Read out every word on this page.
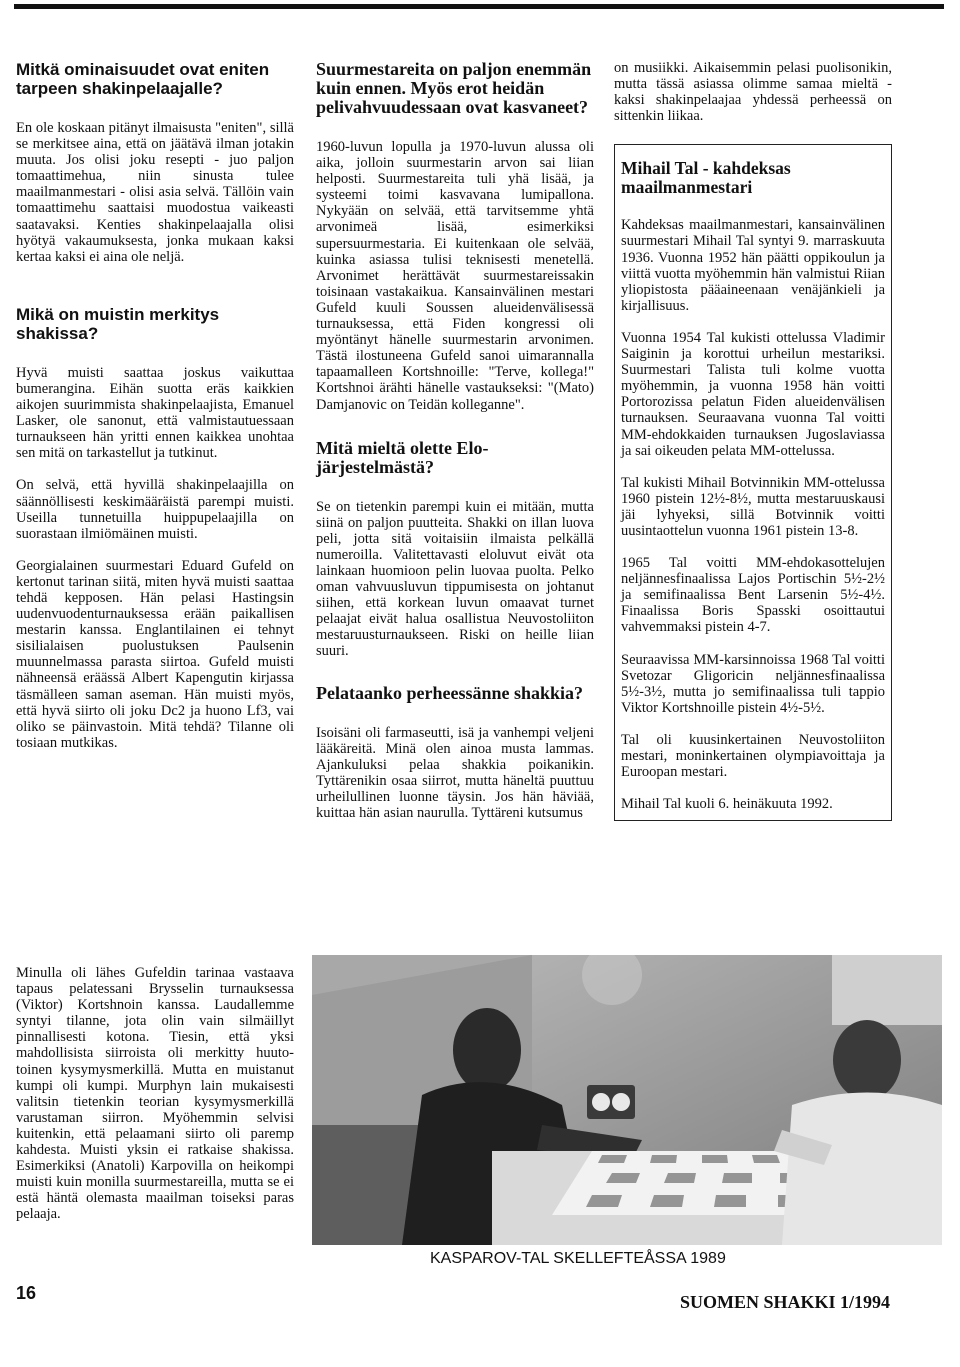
Mitkä ominaisuudet ovat eniten tarpeen shakinpelaajalle?

En ole koskaan pitänyt ilmaisusta "eniten", sillä se merkitsee aina, että on jäätävä ilman jotakin muuta. Jos olisi joku resepti - juo paljon tomaattimehua, niin sinusta tulee maailmanmestari - olisi asia selvä. Tällöin vain tomaattimehu saattaisi muodostua vaikeasti saatavaksi. Kenties shakinpelaajalla olisi hyötyä vakaumuksesta, jonka mukaan kaksi kertaa kaksi ei aina ole neljä.

Mikä on muistin merkitys shakissa?

Hyvä muisti saattaa joskus vaikuttaa bumerangina. Eihän suotta eräs kaikkien aikojen suurimmista shakinpelaajista, Emanuel Lasker, ole sanonut, että valmistautuessaan turnaukseen hän yritti ennen kaikkea unohtaa sen mitä on tarkastellut ja tutkinut.

On selvä, että hyvillä shakinpelaajilla on säännöllisesti keskimääräistä parempi muisti. Useilla tunnetuilla huippupelaajilla on suorastaan ilmiömäinen muisti.

Georgialainen suurmestari Eduard Gufeld on kertonut tarinan siitä, miten hyvä muisti saattaa tehdä kepposen. Hän pelasi Hastingsin uudenvuodenturnauksessa erään paikallisen mestarin kanssa. Englantilainen ei tehnyt sisilialaisen puolustuksen Paulsenin muunnelmassa parasta siirtoa. Gufeld muisti nähneensä eräässä Albert Kapengutin kirjassa täsmälleen saman aseman. Hän muisti myös, että hyvä siirto oli joku Dc2 ja huono Lf3, vai oliko se päinvastoin. Mitä tehdä? Tilanne oli tosiaan mutkikas.

Suurmestareita on paljon enemmän kuin ennen. Myös erot heidän pelivahvuudessaan ovat kasvaneet?

1960-luvun lopulla ja 1970-luvun alussa oli aika, jolloin suurmestarin arvon sai liian helposti. Suurmestareita tuli yhä lisää, ja systeemi toimi kasvavana lumipallona. Nykyään on selvää, että tarvitsemme yhtä arvonimeä lisää, esimerkiksi supersuurmestaria. Ei kuitenkaan ole selvää, kuinka asiassa tulisi teknisesti menetellä. Arvonimet herättävät suurmestareissakin toisinaan vastakaikua. Kansainvälinen mestari Gufeld kuuli Soussen alueidenvälisessä turnauksessa, että Fiden kongressi oli myöntänyt hänelle suurmestarin arvonimen. Tästä ilostuneena Gufeld sanoi uimarannalla tapaamalleen Kortshnoille: "Terve, kollega!" Kortshnoi ärähti hänelle vastaukseksi: "(Mato) Damjanovic on Teidän kolleganne".

Mitä mieltä olette Elo-järjestelmästä?

Se on tietenkin parempi kuin ei mitään, mutta siinä on paljon puutteita. Shakki on illan luova peli, jotta sitä voitaisiin ilmaista pelkällä numeroilla. Valitettavasti eloluvut eivät ota lainkaan huomioon pelin luovaa puolta. Pelko oman vahvuusluvun tippumisesta on johtanut siihen, että korkean luvun omaavat turnet pelaajat eivät halua osallistua Neuvostoliiton mestaruusturnaukseen. Riski on heille liian suuri.

Pelataanko perheessänne shakkia?

Isoisäni oli farmaseutti, isä ja vanhempi veljeni lääkäreitä. Minä olen ainoa musta lammas. Ajankuluksi pelaa shakkia poikanikin. Tyttärenikin osaa siirrot, mutta häneltä puuttuu urheilullinen luonne täysin. Jos hän häviää, kuittaa hän asian naurulla. Tyttäreni kutsumus

on musiikki. Aikaisemmin pelasi puolisonikin, mutta tässä asiassa olimme samaa mieltä - kaksi shakinpelaajaa yhdessä perheessä on sittenkin liikaa.

Mihail Tal - kahdeksas maailmanmestari

Kahdeksas maailmanmestari, kansainvälinen suurmestari Mihail Tal syntyi 9. marraskuuta 1936. Vuonna 1952 hän päätti oppikoulun ja viittä vuotta myöhemmin hän valmistui Riian yliopistosta pääaineenaan venäjänkieli ja kirjallisuus.

Vuonna 1954 Tal kukisti ottelussa Vladimir Saiginin ja korottui urheilun mestariksi. Suurmestari Talista tuli kolme vuotta myöhemmin, ja vuonna 1958 hän voitti Portorozissa pelatun Fiden alueidenvälisen turnauksen. Seuraavana vuonna Tal voitti MM-ehdokkaiden turnauksen Jugoslaviassa ja sai oikeuden pelata MM-ottelussa.

Tal kukisti Mihail Botvinnikin MM-ottelussa 1960 pistein 12½-8½, mutta mestaruuskausi jäi lyhyeksi, sillä Botvinnik voitti uusintaottelun vuonna 1961 pistein 13-8.

1965 Tal voitti MM-ehdokasottelujen neljännesfinaalissa Lajos Portischin 5½-2½ ja semifinaalissa Bent Larsenin 5½-4½. Finaalissa Boris Spasski osoittautui vahvemmaksi pistein 4-7.

Seuraavissa MM-karsinnoissa 1968 Tal voitti Svetozar Gligoricin neljännesfinaalissa 5½-3½, mutta jo semifinaalissa tuli tappio Viktor Kortshnoille pistein 4½-5½.

Tal oli kuusinkertainen Neuvostoliiton mestari, moninkertainen olympiavoittaja ja Euroopan mestari.

Mihail Tal kuoli 6. heinäkuuta 1992.

Minulla oli lähes Gufeldin tarinaa vastaava tapaus pelatessani Brysselin turnauksessa (Viktor) Kortshnoin kanssa. Laudallemme syntyi tilanne, jota olin vain silmäillyt pinnallisesti kotona. Tiesin, että yksi mahdollisista siirroista oli merkitty huuto- toinen kysymysmerkillä. Mutta en muistanut kumpi oli kumpi. Murphyn lain mukaisesti valitsin tietenkin teorian kysymysmerkillä varustaman siirron. Myöhemmin selvisi kuitenkin, että pelaamani siirto oli paremp kahdesta. Muisti yksin ei ratkaise shakissa. Esimerkiksi (Anatoli) Karpovilla on heikompi muisti kuin monilla suurmestareilla, mutta se ei estä häntä olemasta maailman toiseksi paras pelaaja.

KASPAROV-TAL SKELLEFTEÅSSA 1989
16	SUOMEN SHAKKI 1/1994
